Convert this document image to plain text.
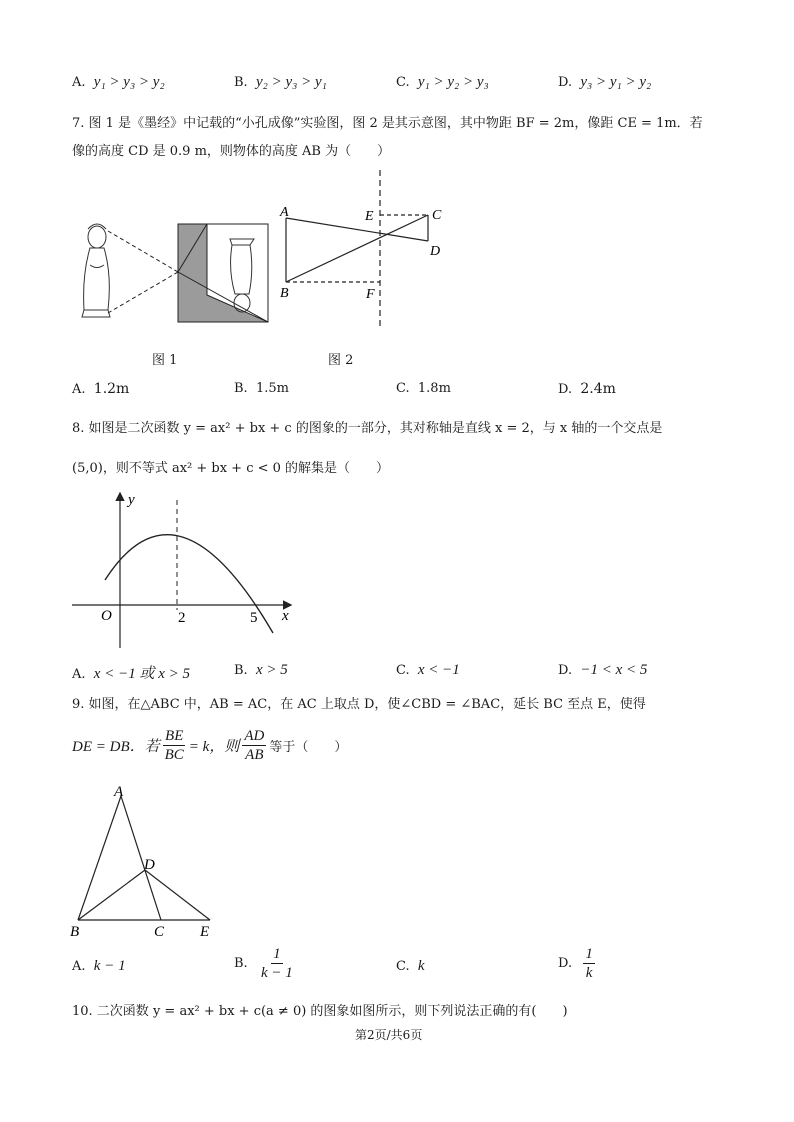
A. y₁ > y₃ > y₂	B. y₂ > y₃ > y₁	C. y₁ > y₂ > y₃	D. y₃ > y₁ > y₂
7. 图 1 是《墨经》中记载的“小孔成像”实验图，图 2 是其示意图，其中物距 BF = 2m，像距 CE = 1m．若
像的高度 CD 是 0.9 m，则物体的高度 AB 为（　　）
图 1
A
B
C
D
E
F
图 2
A. 1.2m	B. 1.5m	C. 1.8m	D. 2.4m
8. 如图是二次函数 y = ax² + bx + c 的图象的一部分，其对称轴是直线 x = 2，与 x 轴的一个交点是
(5,0)，则不等式 ax² + bx + c < 0 的解集是（　　）
y
x
O	2	5
A. x < −1 或 x > 5	B. x > 5	C. x < −1	D. −1 < x < 5
9. 如图，在△ABC 中，AB = AC，在 AC 上取点 D，使∠CBD = ∠BAC，延长 BC 至点 E，使得
DE = DB．若 $\frac{BE}{BC} = k$，则 $\frac{AD}{AB}$ 等于（　　）
A
B	C
D
E
A. k − 1	B.
$\frac{1}{k - 1}$	C. k	D.
$\frac{1}{k}$
10. 二次函数 y = ax² + bx + c(a ≠ 0) 的图象如图所示，则下列说法正确的有(　　)
第2页/共6页
